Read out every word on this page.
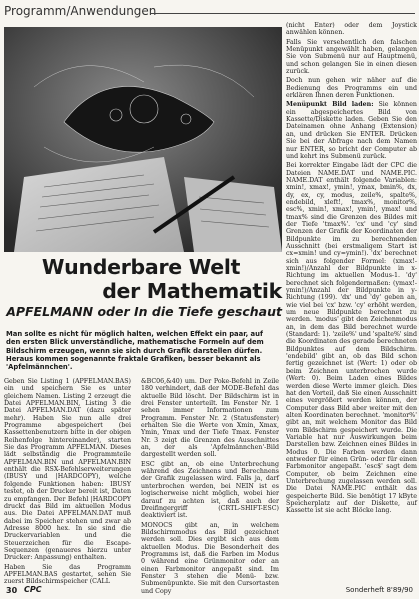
Programm/Anwendungen

(nicht Enter) oder dem Joystick anwählen können.

Falls Sie versehentlich den falschen Menüpunkt angewählt haben, gelangen Sie von Submenü nur auf Hauptmenü, und schon gelangen Sie in einen diesen zurück.

Doch nun gehen wir näher auf die Bedienung des Programms ein und erklären Ihnen deren Funktionen.

Menüpunkt Bild laden: Sie können ein abgespeichertes Bild von Kassette/Diskette laden. Geben Sie den Dateinamen ohne Anhang (Extension) an, und drücken Sie ENTER. Drücken Sie bei der Abfrage nach dem Namen nur ENTER, so bricht der Computer ab und kehrt ins Submenü zurück.

Bei korrekter Eingabe lädt der CPC die Dateien NAME.DAT und NAME.PIC. NAME.DAT enthält folgende Variablen: xmin!, xmax!, ymin!, ymax, bmin%, dx, dy, ex, cy, modus, zeile%, spalte%, endebild, xleft!, tmax%, monitor%, esc%, xmin!, xmax!, ymin!, ymax! und tmax% sind die Grenzen des Bildes mit der Tiefe 'tmax%'. 'cx' und 'cy' sind Grenzen der Grafik der Koordinaten der Bildpunkte im zu berechnenden Ausschnitt (bei erstmaligem Start ist cx=xmin! und cy=ymin!). 'dx' berechnet sich aus folgender Formel: (xmax!-xmin!)/Anzahl der Bildpunkte in x-Richtung im aktuellen Modus-1. 'dy' berechnet sich folgendermaßen: (ymax!-ymin!)/Anzahl der Bildpunkte in y-Richtung (199). 'dx' und 'dy' geben an, wie viel bei 'cx' bzw. 'cy' erhöht werden, um neue Bildpunkte berechnet zu werden. 'modus' gibt den Zeichenmodus an, in dem das Bild berechnet wurde (Standard: 1). 'zeile%' und 'spalte%' sind die Koordinaten des gerade berechneten Bildpunktes auf dem Bildschirm. 'endebild' gibt an, ob das Bild schon fertig gezeichnet ist (Wert: 1) oder ob beim Zeichnen unterbrochen wurde (Wert: 0). Beim Laden eines Bildes werden diese Werte immer gleich. Dies hat den Vorteil, daß Sie einen Ausschnitt eines vergrößert werden können, der Computer dass Bild aber weiter mit den alten Koordinaten berechnet. 'monitor%' gibt an, mit welchem Monitor das Bild vom Bildschirm gespeichert wurde. Die Variable hat nur Auswirkungen beim Darstellen bzw. Zeichnen eines Bildes in Modus 0. Die Farben werden dann entweder für einen Grün- oder für einen Farbmonitor angepaßt. 'esc$' sagt dem Computer, ob beim Zeichnen eine Unterbrechung zugelassen werden soll. Die Datei NAME.PIC enthält das gespeicherte Bild. Sie benötigt 17 kByte Speicherplatz auf der Diskette, auf Kassette ist sie acht Blöcke lang.

Wunderbare Welt
der Mathematik
APFELMANN oder In die Tiefe geschaut
Man sollte es nicht für möglich halten, welchen Effekt ein paar, auf den ersten Blick unverständliche, mathematische Formeln auf dem Bildschirm erzeugen, wenn sie sich durch Grafik darstellen dürfen. Heraus kommen sogenannte fraktale Grafiken, besser bekannt als 'Apfelmännchen'.

Geben Sie Listing 1 (APFELMAN.BAS) ein und speichern Sie es unter gleichem Namen. Listing 2 erzeugt die Datei APFELMAN.BIN, Listing 3 die Datei APFELMAN.DAT (dazu später mehr). Haben Sie nun alle drei Programme abgespeichert (bei Kassettenbenutzern bitte in der obigen Reihenfolge hintereinander), starten Sie das Programm APFELMAN. Dieses lädt selbständig die Programmteile APFELMAN.BIN und APFELMAN.BIN enthält die RSX-Befehlserweiterungen (IBUSY und |HARDCOPY), welche folgende Funktionen haben: IBUSY testet, ob der Drucker bereit ist, Daten zu empfangen. Der Befehl |HARDCOPY druckt das Bild im aktuellen Modus aus. Die Datei APFELMAN.DAT muß dabei im Speicher stehen und zwar ab Adresse 8000 hex. In sie sind die Druckervariablen und die Steuerzeichen für die Escape-Sequenzen (genaueres hierzu unter Drucker: Anpassung) enthalten.

Haben Sie das Programm APFELMAN.BAS gestartet, sehen Sie zuerst Bildschirmspeicher (CALL

&BC06,&40) um. Der Poke-Befehl in Zeile 180 verhindert, daß der MODE-Befehl das aktuelle Bild löscht. Der Bildschirm ist in drei Fenster unterteilt. Im Fenster Nr. 1 sehen immer Informationen zum Programm. Fenster Nr. 2 (Statusfenster) erhalten Sie die Werte von Xmin, Xmax, Ymin, Ymax und der Tiefe Tmax. Fenster Nr. 3 zeigt die Grenzen des Ausschnittes an, der als 'Apfelmännchen'-Bild dargestellt werden soll.

ESC gibt an, ob eine Unterbrechung während des Zeichnens und Berechnens der Grafik zugelassen wird. Falls ja, darf unterbrochen werden, bei NEIN ist es logischerweise nicht möglich, wobei hier darauf zu achten ist, daß auch der Dreifingergriff (CRTL-SHIFT-ESC) deaktiviert ist.

MONOCS gibt an, in welchem Bildschirmmodus das Bild gezeichnet werden soll. Dies ergibt sich aus dem aktuellen Modus. Die Besonderheit des Programms ist, daß die Farben im Modus 0 während eine Grünmonitor oder an einen Farbmonitor angepaßt sind. Im Fenster 3 stehen die Menü- bzw. Submenüpunkte. Sie mit den Cursortasten und Copy

30 CPC	Sonderheft 8'89/90
